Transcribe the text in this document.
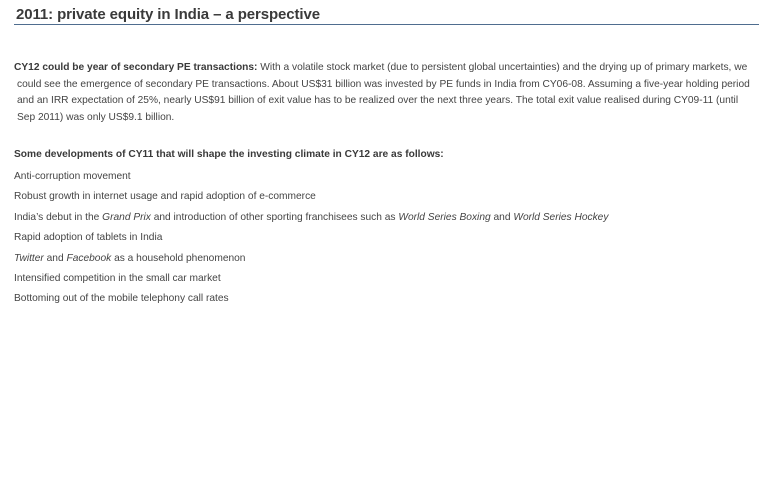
2011: private equity in India – a perspective

CY12 could be year of secondary PE transactions: With a volatile stock market (due to persistent global uncertainties) and the drying up of primary markets, we could see the emergence of secondary PE transactions. About US$31 billion was invested by PE funds in India from CY06-08. Assuming a five-year holding period and an IRR expectation of 25%, nearly US$91 billion of exit value has to be realized over the next three years. The total exit value realised during CY09-11 (until Sep 2011) was only US$9.1 billion.

Some developments of CY11 that will shape the investing climate in CY12 are as follows:

Anti-corruption movement
Robust growth in internet usage and rapid adoption of e-commerce
India’s debut in the Grand Prix and introduction of other sporting franchisees such as World Series Boxing and World Series Hockey
Rapid adoption of tablets in India
Twitter and Facebook as a household phenomenon
Intensified competition in the small car market
Bottoming out of the mobile telephony call rates
